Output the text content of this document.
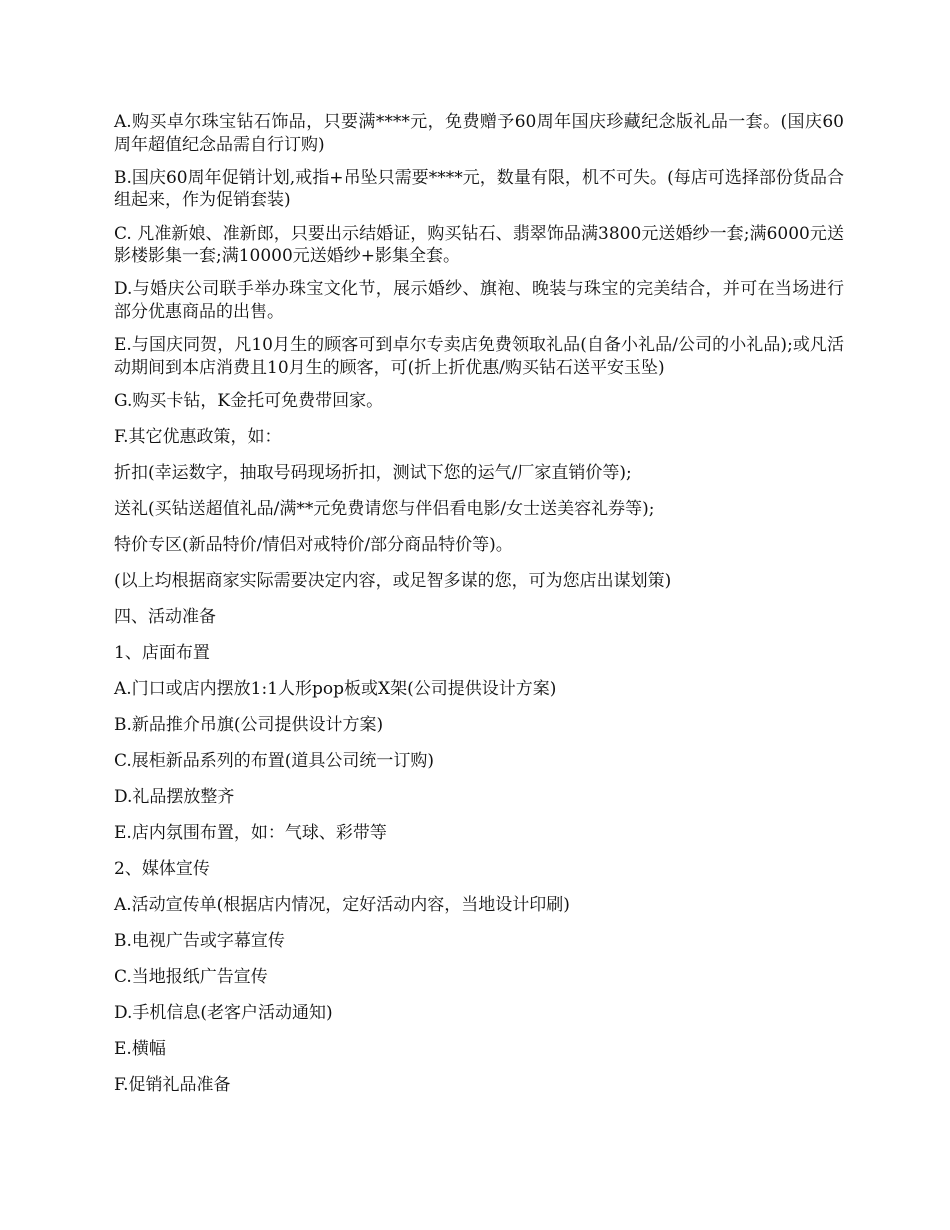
A.购买卓尔珠宝钻石饰品，只要满****元，免费赠予60周年国庆珍藏纪念版礼品一套。(国庆60周年超值纪念品需自行订购)

B.国庆60周年促销计划,戒指+吊坠只需要****元，数量有限，机不可失。(每店可选择部份货品合组起来，作为促销套装)

C. 凡准新娘、准新郎，只要出示结婚证，购买钻石、翡翠饰品满3800元送婚纱一套;满6000元送影楼影集一套;满10000元送婚纱+影集全套。

D.与婚庆公司联手举办珠宝文化节，展示婚纱、旗袍、晚装与珠宝的完美结合，并可在当场进行部分优惠商品的出售。

E.与国庆同贺，凡10月生的顾客可到卓尔专卖店免费领取礼品(自备小礼品/公司的小礼品);或凡活动期间到本店消费且10月生的顾客，可(折上折优惠/购买钻石送平安玉坠)

G.购买卡钻，K金托可免费带回家。

F.其它优惠政策，如：

折扣(幸运数字，抽取号码现场折扣，测试下您的运气/厂家直销价等);

送礼(买钻送超值礼品/满**元免费请您与伴侣看电影/女士送美容礼券等);

特价专区(新品特价/情侣对戒特价/部分商品特价等)。

(以上均根据商家实际需要决定内容，或足智多谋的您，可为您店出谋划策)

四、活动准备

1、店面布置

A.门口或店内摆放1:1人形pop板或X架(公司提供设计方案)

B.新品推介吊旗(公司提供设计方案)

C.展柜新品系列的布置(道具公司统一订购)

D.礼品摆放整齐

E.店内氛围布置，如：气球、彩带等

2、媒体宣传

A.活动宣传单(根据店内情况，定好活动内容，当地设计印刷)

B.电视广告或字幕宣传

C.当地报纸广告宣传

D.手机信息(老客户活动通知)

E.横幅

F.促销礼品准备
